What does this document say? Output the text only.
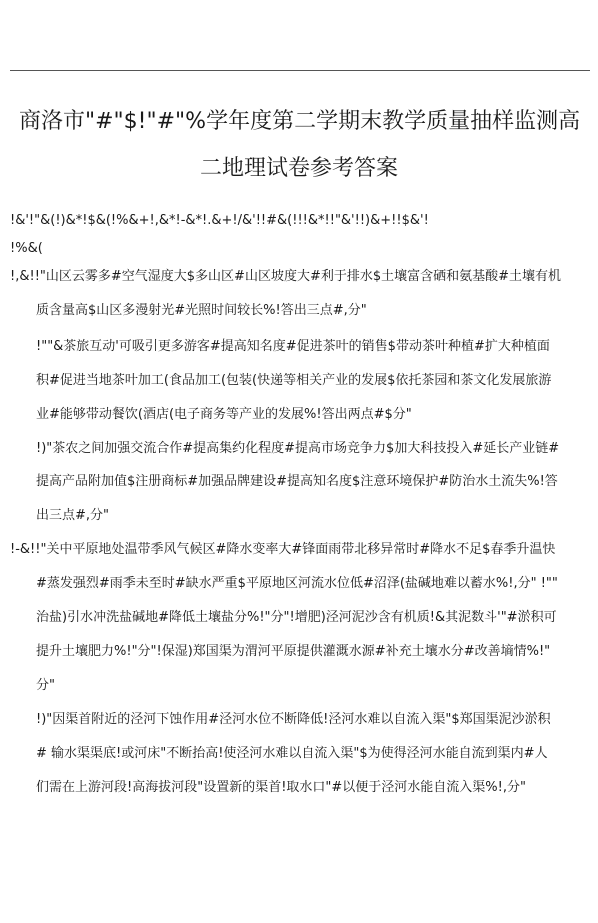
商洛市"#"$!"#"%学年度第二学期末教学质量抽样监测高
二地理试卷参考答案
!&'!"&(!)&*!$&(!%&+!,&*!-&*!.&+!/&'!!#&(!!!&*!!"&'!!)&+!!$&'!
!%&(
!,&!!"山区云雾多#空气湿度大$多山区#山区坡度大#利于排水$土壤富含硒和氨基酸#土壤有机
质含量高$山区多漫射光#光照时间较长%!答出三点#,分"
!""&茶旅互动'可吸引更多游客#提高知名度#促进茶叶的销售$带动茶叶种植#扩大种植面
积#促进当地茶叶加工(食品加工(包装(快递等相关产业的发展$依托茶园和茶文化发展旅游
业#能够带动餐饮(酒店(电子商务等产业的发展%!答出两点#$分"
!)"茶农之间加强交流合作#提高集约化程度#提高市场竞争力$加大科技投入#延长产业链#
提高产品附加值$注册商标#加强品牌建设#提高知名度$注意环境保护#防治水土流失%!答
出三点#,分"
!-&!!"关中平原地处温带季风气候区#降水变率大#锋面雨带北移异常时#降水不足$春季升温快
#蒸发强烈#雨季未至时#缺水严重$平原地区河流水位低#沼泽(盐碱地难以蓄水%!,分" !""
治盐)引水冲洗盐碱地#降低土壤盐分%!"分"!增肥)泾河泥沙含有机质!&其泥数斗'"#淤积可
提升土壤肥力%!"分"!保湿)郑国渠为渭河平原提供灌溉水源#补充土壤水分#改善墒情%!"
分"
!)"因渠首附近的泾河下蚀作用#泾河水位不断降低!泾河水难以自流入渠"$郑国渠泥沙淤积
# 输水渠渠底!或河床"不断抬高!使泾河水难以自流入渠"$为使得泾河水能自流到渠内#人
们需在上游河段!高海拔河段"设置新的渠首!取水口"#以便于泾河水能自流入渠%!,分"
